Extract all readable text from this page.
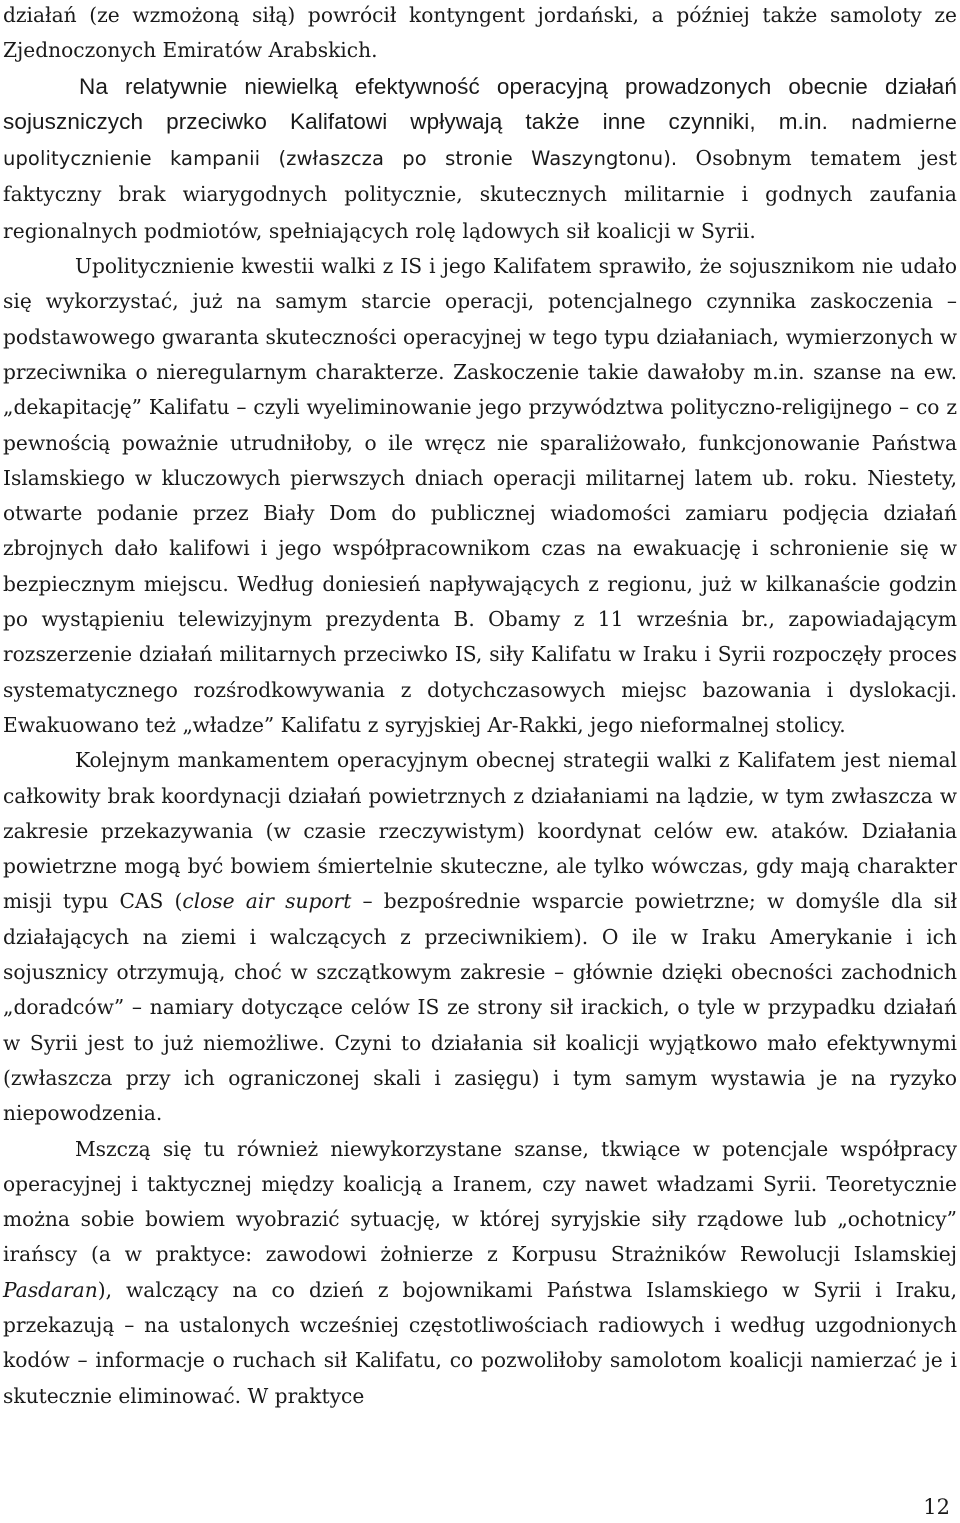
działań (ze wzmożoną siłą) powrócił kontyngent jordański, a później także samoloty ze Zjednoczonych Emiratów Arabskich.

Na relatywnie niewielką efektywność operacyjną prowadzonych obecnie działań sojuszniczych przeciwko Kalifatowi wpływają także inne czynniki, m.in. nadmierne upolitycznienie kampanii (zwłaszcza po stronie Waszyngtonu). Osobnym tematem jest faktyczny brak wiarygodnych politycznie, skutecznych militarnie i godnych zaufania regionalnych podmiotów, spełniających rolę lądowych sił koalicji w Syrii.

Upolitycznienie kwestii walki z IS i jego Kalifatem sprawiło, że sojusznikom nie udało się wykorzystać, już na samym starcie operacji, potencjalnego czynnika zaskoczenia – podstawowego gwaranta skuteczności operacyjnej w tego typu działaniach, wymierzonych w przeciwnika o nieregularnym charakterze. Zaskoczenie takie dawałoby m.in. szanse na ew. „dekapitację” Kalifatu – czyli wyeliminowanie jego przywództwa polityczno-religijnego – co z pewnością poważnie utrudniłoby, o ile wręcz nie sparaliżowało, funkcjonowanie Państwa Islamskiego w kluczowych pierwszych dniach operacji militarnej latem ub. roku. Niestety, otwarte podanie przez Biały Dom do publicznej wiadomości zamiaru podjęcia działań zbrojnych dało kalifowi i jego współpracownikom czas na ewakuację i schronienie się w bezpiecznym miejscu. Według doniesień napływających z regionu, już w kilkanaście godzin po wystąpieniu telewizyjnym prezydenta B. Obamy z 11 września br., zapowiadającym rozszerzenie działań militarnych przeciwko IS, siły Kalifatu w Iraku i Syrii rozpoczęły proces systematycznego rozśrodkowywania z dotychczasowych miejsc bazowania i dyslokacji. Ewakuowano też „władze” Kalifatu z syryjskiej Ar-Rakki, jego nieformalnej stolicy.

Kolejnym mankamentem operacyjnym obecnej strategii walki z Kalifatem jest niemal całkowity brak koordynacji działań powietrznych z działaniami na lądzie, w tym zwłaszcza w zakresie przekazywania (w czasie rzeczywistym) koordynat celów ew. ataków. Działania powietrzne mogą być bowiem śmiertelnie skuteczne, ale tylko wówczas, gdy mają charakter misji typu CAS (close air suport – bezpośrednie wsparcie powietrzne; w domyśle dla sił działających na ziemi i walczących z przeciwnikiem). O ile w Iraku Amerykanie i ich sojusznicy otrzymują, choć w szczątkowym zakresie – głównie dzięki obecności zachodnich „doradców” – namiary dotyczące celów IS ze strony sił irackich, o tyle w przypadku działań w Syrii jest to już niemożliwe. Czyni to działania sił koalicji wyjątkowo mało efektywnymi (zwłaszcza przy ich ograniczonej skali i zasięgu) i tym samym wystawia je na ryzyko niepowodzenia.

Mszczą się tu również niewykorzystane szanse, tkwiące w potencjale współpracy operacyjnej i taktycznej między koalicją a Iranem, czy nawet władzami Syrii. Teoretycznie można sobie bowiem wyobrazić sytuację, w której syryjskie siły rządowe lub „ochotnicy” irańscy (a w praktyce: zawodowi żołnierze z Korpusu Strażników Rewolucji Islamskiej Pasdaran), walczący na co dzień z bojownikami Państwa Islamskiego w Syrii i Iraku, przekazują – na ustalonych wcześniej częstotliwościach radiowych i według uzgodnionych kodów – informacje o ruchach sił Kalifatu, co pozwoliłoby samolotom koalicji namierzać je i skutecznie eliminować. W praktyce

12
